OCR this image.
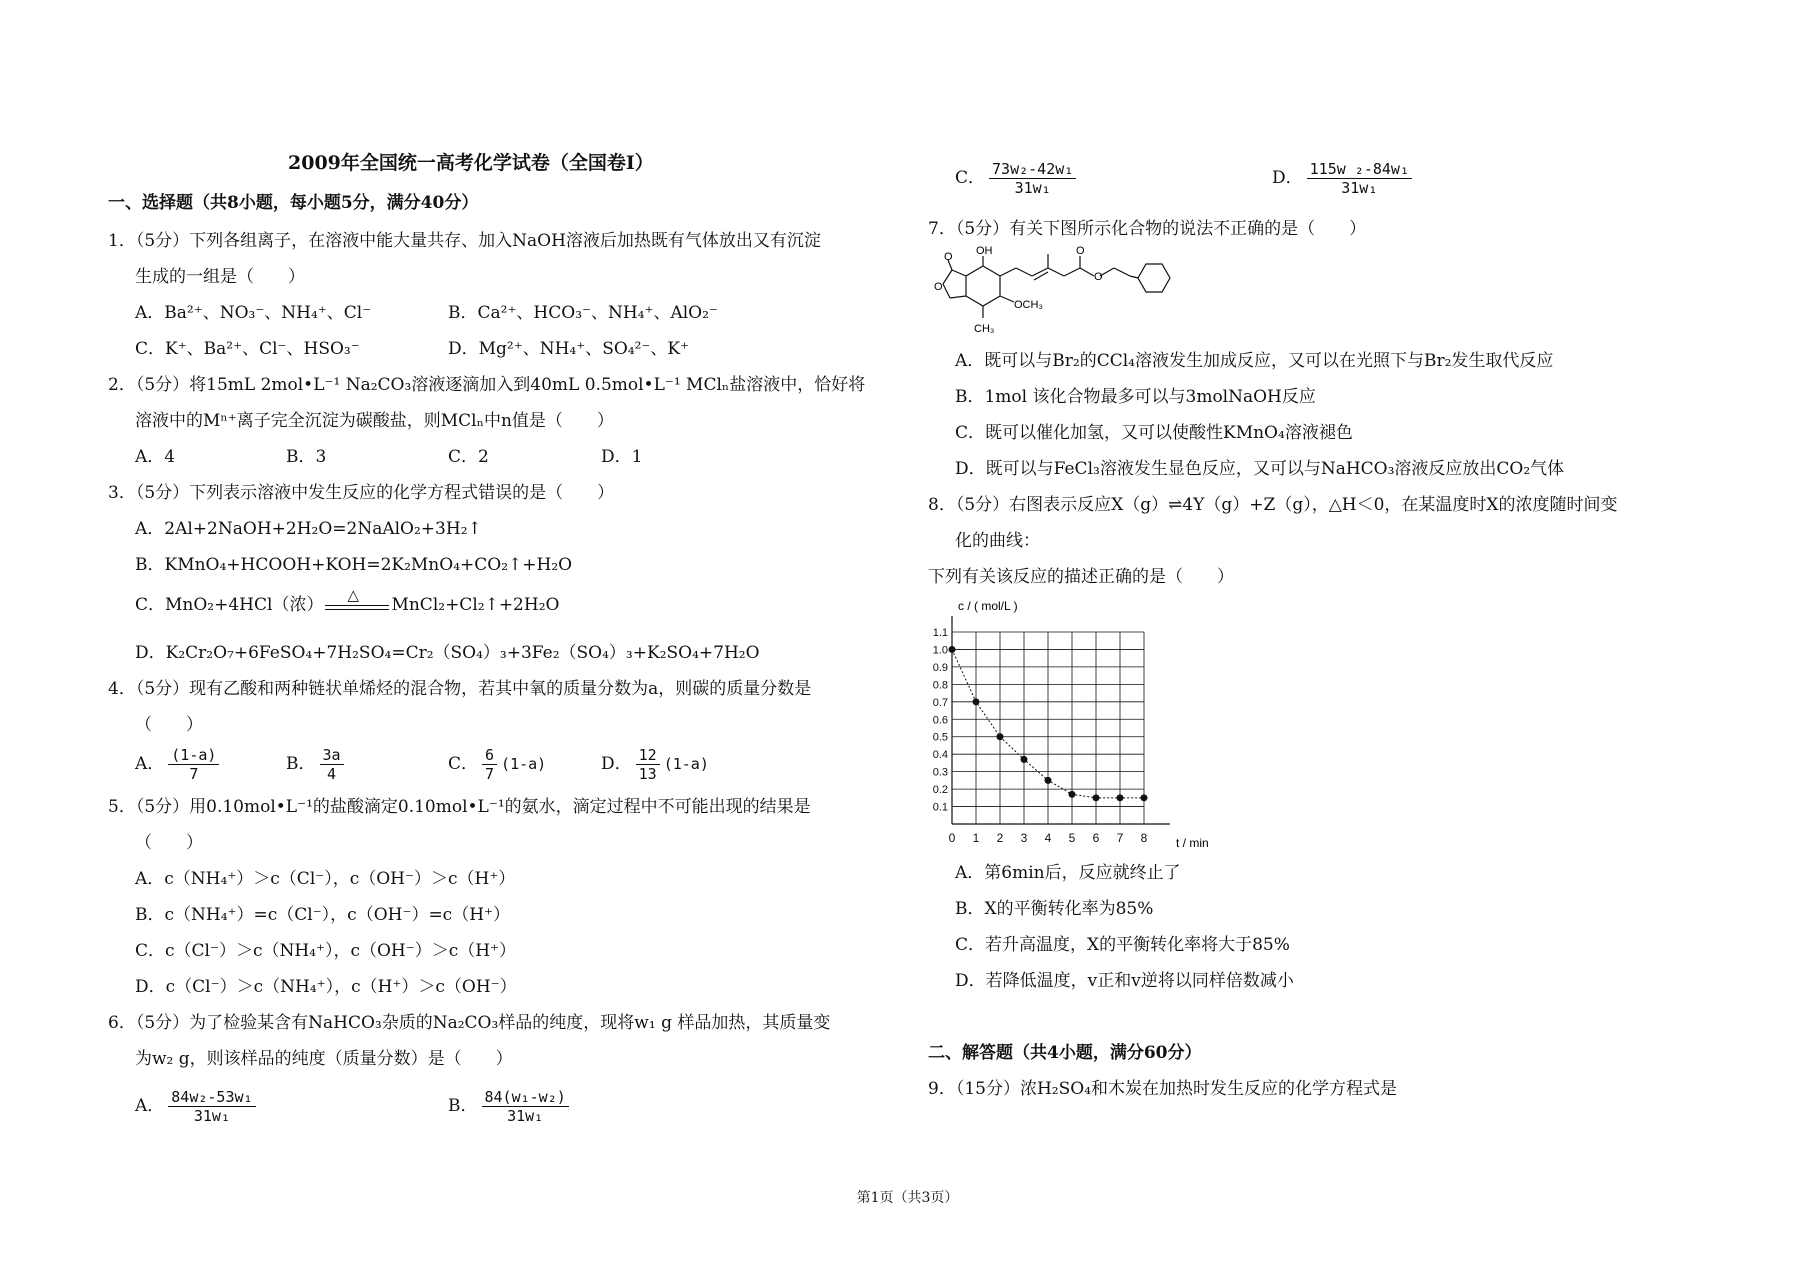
2009年全国统一高考化学试卷（全国卷I）
一、选择题（共8小题，每小题5分，满分40分）
1．（5分）下列各组离子，在溶液中能大量共存、加入NaOH溶液后加热既有气体放出又有沉淀
生成的一组是（　　）
A．Ba²⁺、NO₃⁻、NH₄⁺、Cl⁻	B．Ca²⁺、HCO₃⁻、NH₄⁺、AlO₂⁻
C．K⁺、Ba²⁺、Cl⁻、HSO₃⁻	D．Mg²⁺、NH₄⁺、SO₄²⁻、K⁺
2．（5分）将15mL 2mol•L⁻¹ Na₂CO₃溶液逐滴加入到40mL 0.5mol•L⁻¹ MClₙ盐溶液中，恰好将
溶液中的Mⁿ⁺离子完全沉淀为碳酸盐，则MClₙ中n值是（　　）
A．4	B．3	C．2	D．1
3．（5分）下列表示溶液中发生反应的化学方程式错误的是（　　）
A．2Al+2NaOH+2H₂O=2NaAlO₂+3H₂↑
B．KMnO₄+HCOOH+KOH=2K₂MnO₄+CO₂↑+H₂O
C．MnO₂+4HCl（浓）
△
MnCl₂+Cl₂↑+2H₂O
D．K₂Cr₂O₇+6FeSO₄+7H₂SO₄=Cr₂（SO₄）₃+3Fe₂（SO₄）₃+K₂SO₄+7H₂O
4．（5分）现有乙酸和两种链状单烯烃的混合物，若其中氧的质量分数为a，则碳的质量分数是
（　　）
A． $\frac{(1-a)}{7}$	B． $\frac{3a}{4}$	C． $\frac{6}{7} (1-a)$	D． $\frac{12}{13} (1-a)$
5．（5分）用0.10mol•L⁻¹的盐酸滴定0.10mol•L⁻¹的氨水，滴定过程中不可能出现的结果是
（　　）
A．c（NH₄⁺）＞c（Cl⁻），c（OH⁻）＞c（H⁺）
B．c（NH₄⁺）=c（Cl⁻），c（OH⁻）=c（H⁺）
C．c（Cl⁻）＞c（NH₄⁺），c（OH⁻）＞c（H⁺）
D．c（Cl⁻）＞c（NH₄⁺），c（H⁺）＞c（OH⁻）
6．（5分）为了检验某含有NaHCO₃杂质的Na₂CO₃样品的纯度，现将w₁ g 样品加热，其质量变
为w₂ g，则该样品的纯度（质量分数）是（　　）
A． $\frac{\text{84w₂-53w₁}}{\text{31w₁}}$	B． $\frac{\text{84(w₁-w₂)}}{\text{31w₁}}$
C． $\frac{\text{73w₂-42w₁}}{\text{31w₁}}$	D． $\frac{\text{115w ₂-84w₁}}{\text{31w₁}}$
7．（5分）有关下图所示化合物的说法不正确的是（　　）
OH
O
O
O
O
OCH₃
CH₃
A．既可以与Br₂的CCl₄溶液发生加成反应，又可以在光照下与Br₂发生取代反应
B．1mol 该化合物最多可以与3molNaOH反应
C．既可以催化加氢，又可以使酸性KMnO₄溶液褪色
D．既可以与FeCl₃溶液发生显色反应，又可以与NaHCO₃溶液反应放出CO₂气体
8．（5分）右图表示反应X（g）⇌4Y（g）+Z（g），△H＜0，在某温度时X的浓度随时间变
化的曲线：
下列有关该反应的描述正确的是（　　）
0.1
0.2
0.3
0.4
0.5
0.6
0.7
0.8
0.9
1.0
1.1
0 1 2 3 4 5 6 7 8
c / ( mol/L )
t / min
A．第6min后，反应就终止了
B．X的平衡转化率为85%
C．若升高温度，X的平衡转化率将大于85%
D．若降低温度，v正和v逆将以同样倍数减小
二、解答题（共4小题，满分60分）
9．（15分）浓H₂SO₄和木炭在加热时发生反应的化学方程式是
第1页（共3页）
